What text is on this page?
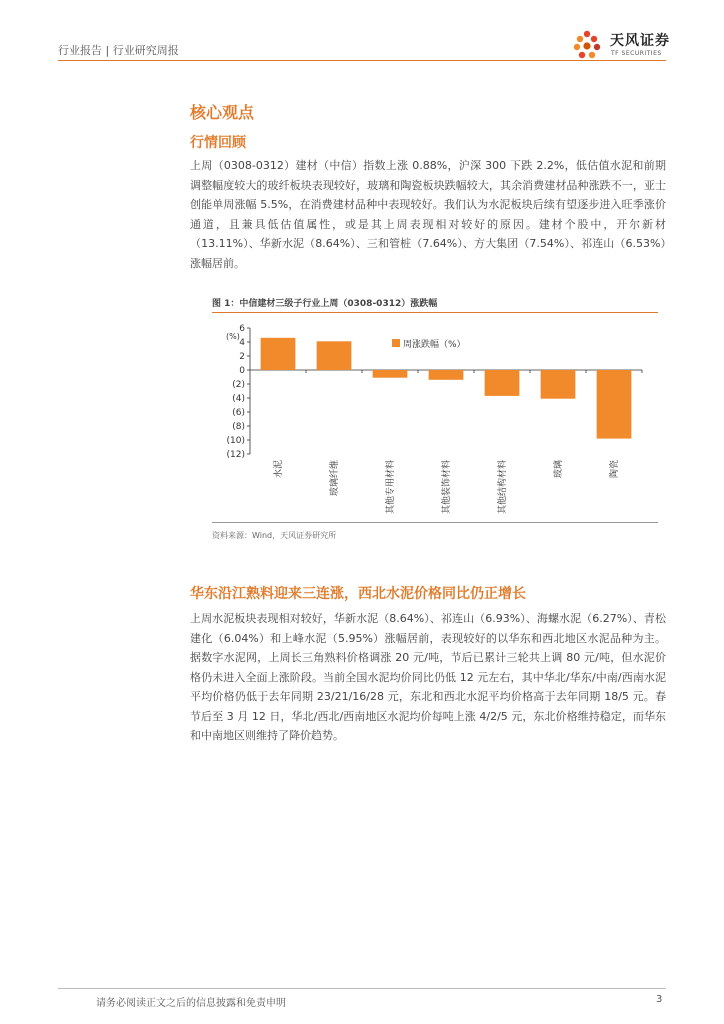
行业报告 | 行业研究周报
天风证券
TF SECURITIES
核心观点
行情回顾

上周（0308-0312）建材（中信）指数上涨 0.88%，沪深 300 下跌 2.2%，低估值水泥和前期调整幅度较大的玻纤板块表现较好，玻璃和陶瓷板块跌幅较大，其余消费建材品种涨跌不一，亚士创能单周涨幅 5.5%，在消费建材品种中表现较好。我们认为水泥板块后续有望逐步进入旺季涨价通道，且兼具低估值属性，或是其上周表现相对较好的原因。建材个股中，开尔新材（13.11%）、华新水泥（8.64%）、三和管桩（7.64%）、方大集团（7.54%）、祁连山（6.53%）涨幅居前。

图 1：中信建材三级子行业上周（0308-0312）涨跌幅
6
4
2
0
(2)
(4)
(6)
(8)
(10)
(12)
(%)
水泥	玻璃纤维	其他专用材料	其他装饰材料	其他结构材料	玻璃	陶瓷
周涨跌幅（%）
资料来源：Wind，天风证券研究所
华东沿江熟料迎来三连涨，西北水泥价格同比仍正增长

上周水泥板块表现相对较好，华新水泥（8.64%）、祁连山（6.93%）、海螺水泥（6.27%）、青松建化（6.04%）和上峰水泥（5.95%）涨幅居前，表现较好的以华东和西北地区水泥品种为主。据数字水泥网，上周长三角熟料价格调涨 20 元/吨，节后已累计三轮共上调 80 元/吨，但水泥价格仍未进入全面上涨阶段。当前全国水泥均价同比仍低 12 元左右，其中华北/华东/中南/西南水泥平均价格仍低于去年同期 23/21/16/28 元，东北和西北水泥平均价格高于去年同期 18/5 元。春节后至 3 月 12 日，华北/西北/西南地区水泥均价每吨上涨 4/2/5 元，东北价格维持稳定，而华东和中南地区则维持了降价趋势。

请务必阅读正文之后的信息披露和免责申明	3
